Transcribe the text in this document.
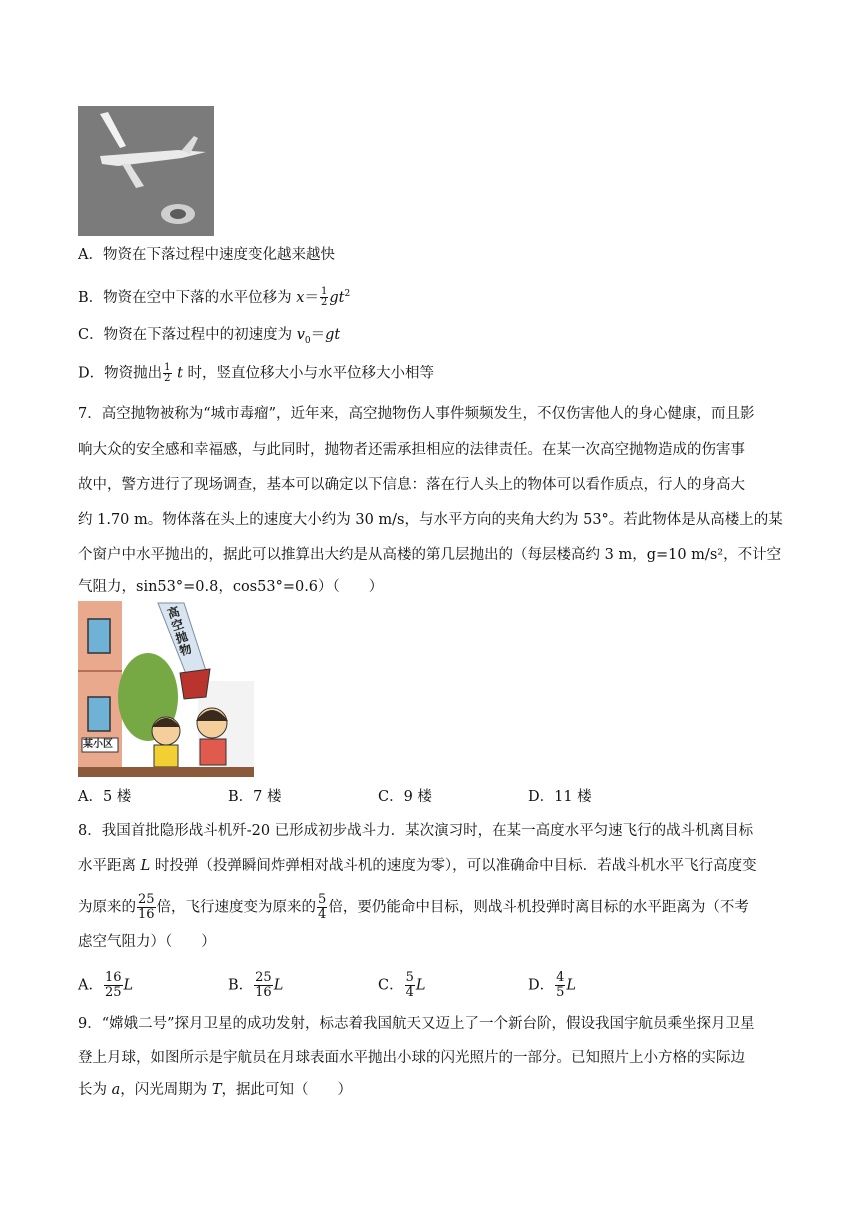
A．物资在下落过程中速度变化越来越快
B．物资在空中下落的水平位移为 $x= \frac{1}{2} gt^2$
C．物资在下落过程中的初速度为 $v_0=gt$
D．物资抛出 $\frac{1}{2}$ t 时，竖直位移大小与水平位移大小相等
7．高空抛物被称为“城市毒瘤”，近年来，高空抛物伤人事件频频发生，不仅伤害他人的身心健康，而且影
响大众的安全感和幸福感，与此同时，抛物者还需承担相应的法律责任。在某一次高空抛物造成的伤害事
故中，警方进行了现场调查，基本可以确定以下信息：落在行人头上的物体可以看作质点，行人的身高大
约 1.70 m。物体落在头上的速度大小约为 30 m/s，与水平方向的夹角大约为 53°。若此物体是从高楼上的某
个窗户中水平抛出的，据此可以推算出大约是从高楼的第几层抛出的（每层楼高约 3 m，g=10 m/s²，不计空
气阻力，sin53°=0.8，cos53°=0.6）（　　）
高空抛物
某小区
A．5 楼	B．7 楼	C．9 楼	D．11 楼
8．我国首批隐形战斗机歼-20 已形成初步战斗力．某次演习时，在某一高度水平匀速飞行的战斗机离目标
水平距离 L 时投弹（投弹瞬间炸弹相对战斗机的速度为零），可以准确命中目标．若战斗机水平飞行高度变
为原来的 $\frac{25}{16}$ 倍，飞行速度变为原来的 $\frac{5}{4}$ 倍，要仍能命中目标，则战斗机投弹时离目标的水平距离为（不考
虑空气阻力）（　　）
A． $\frac{16}{25}$ L	B． $\frac{25}{16}$ L	C． $\frac{5}{4}$ L	D． $\frac{4}{5}$ L
9．“嫦娥二号”探月卫星的成功发射，标志着我国航天又迈上了一个新台阶，假设我国宇航员乘坐探月卫星
登上月球，如图所示是宇航员在月球表面水平抛出小球的闪光照片的一部分。已知照片上小方格的实际边
长为 a，闪光周期为 T，据此可知（　　）
